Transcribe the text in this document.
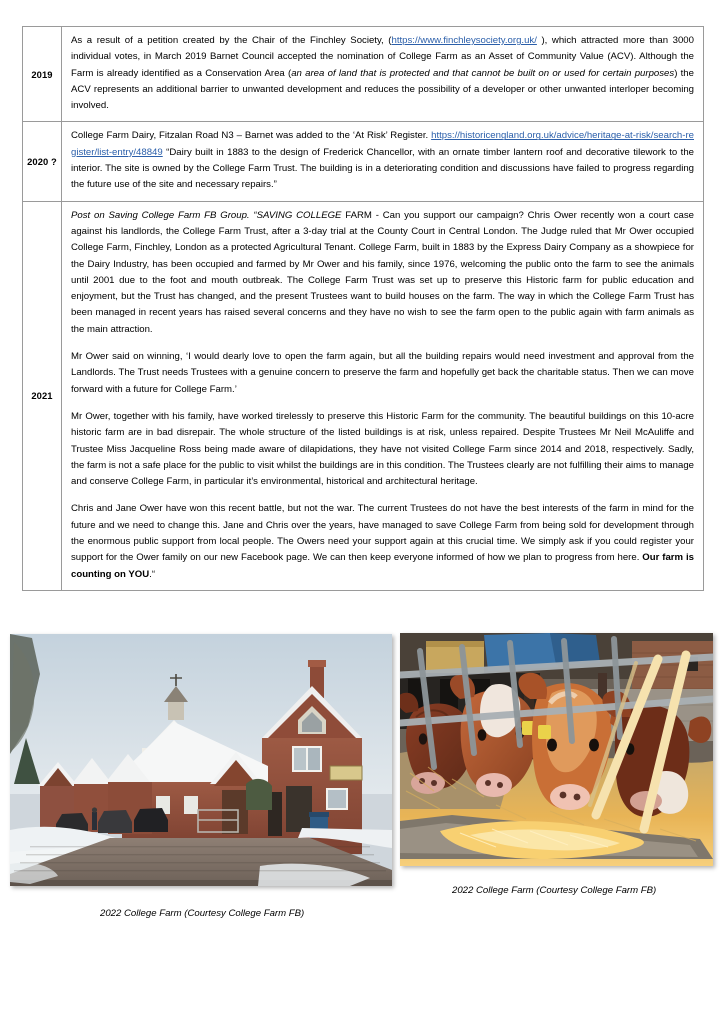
2019	As a result of a petition created by the Chair of the Finchley Society, (https://www.finchleysociety.org.uk/ ), which attracted more than 3000 individual votes, in March 2019 Barnet Council accepted the nomination of College Farm as an Asset of Community Value (ACV). Although the Farm is already identified as a Conservation Area (an area of land that is protected and that cannot be built on or used for certain purposes) the ACV represents an additional barrier to unwanted development and reduces the possibility of a developer or other unwanted interloper becoming involved.

2020 ?	College Farm Dairy, Fitzalan Road N3 – Barnet was added to the ‘At Risk’ Register. https://historicengland.org.uk/advice/heritage-at-risk/search-register/list-entry/48849 “Dairy built in 1883 to the design of Frederick Chancellor, with an ornate timber lantern roof and decorative tilework to the interior. The site is owned by the College Farm Trust. The building is in a deteriorating condition and discussions have failed to progress regarding the future use of the site and necessary repairs.”

2021	Post on Saving College Farm FB Group. “SAVING COLLEGE FARM - Can you support our campaign? Chris Ower recently won a court case against his landlords, the College Farm Trust, after a 3-day trial at the County Court in Central London. The Judge ruled that Mr Ower occupied College Farm, Finchley, London as a protected Agricultural Tenant. College Farm, built in 1883 by the Express Dairy Company as a showpiece for the Dairy Industry, has been occupied and farmed by Mr Ower and his family, since 1976, welcoming the public onto the farm to see the animals until 2001 due to the foot and mouth outbreak. The College Farm Trust was set up to preserve this Historic farm for public education and enjoyment, but the Trust has changed, and the present Trustees want to build houses on the farm. The way in which the College Farm Trust has been managed in recent years has raised several concerns and they have no wish to see the farm open to the public again with farm animals as the main attraction.

Mr Ower said on winning, ‘I would dearly love to open the farm again, but all the building repairs would need investment and approval from the Landlords. The Trust needs Trustees with a genuine concern to preserve the farm and hopefully get back the charitable status. Then we can move forward with a future for College Farm.’

Mr Ower, together with his family, have worked tirelessly to preserve this Historic Farm for the community. The beautiful buildings on this 10-acre historic farm are in bad disrepair. The whole structure of the listed buildings is at risk, unless repaired. Despite Trustees Mr Neil McAuliffe and Trustee Miss Jacqueline Ross being made aware of dilapidations, they have not visited College Farm since 2014 and 2018, respectively. Sadly, the farm is not a safe place for the public to visit whilst the buildings are in this condition. The Trustees clearly are not fulfilling their aims to manage and conserve College Farm, in particular it’s environmental, historical and architectural heritage.

Chris and Jane Ower have won this recent battle, but not the war. The current Trustees do not have the best interests of the farm in mind for the future and we need to change this. Jane and Chris over the years, have managed to save College Farm from being sold for development through the enormous public support from local people. The Owers need your support again at this crucial time. We simply ask if you could register your support for the Ower family on our new Facebook page. We can then keep everyone informed of how we plan to progress from here. Our farm is counting on YOU.“

2022 College Farm (Courtesy College Farm FB)
2022 College Farm (Courtesy College Farm FB)
